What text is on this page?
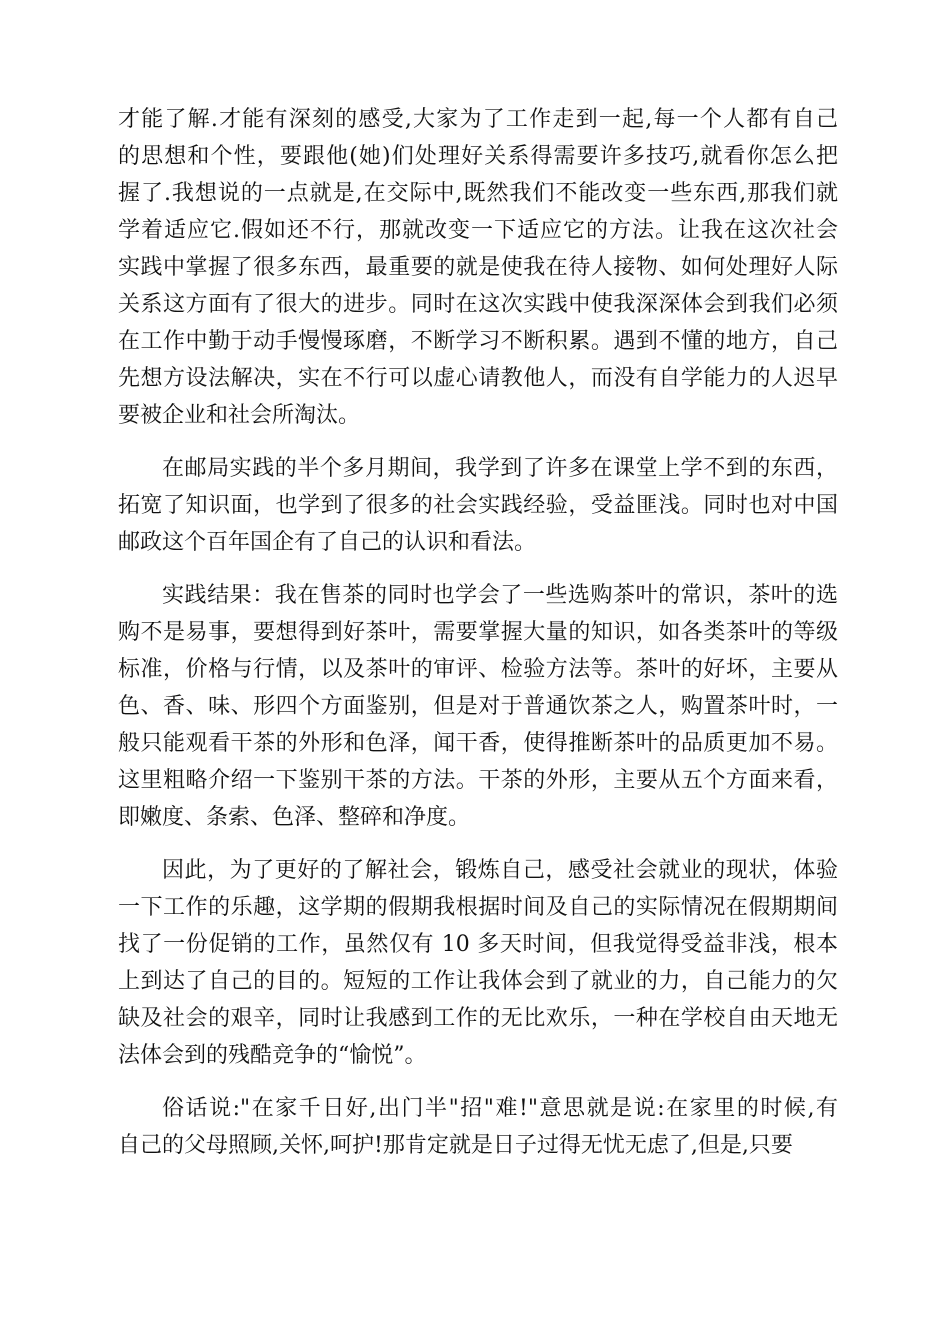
才能了解.才能有深刻的感受,大家为了工作走到一起,每一个人都有自己
的思想和个性，要跟他(她)们处理好关系得需要许多技巧,就看你怎么把
握了.我想说的一点就是,在交际中,既然我们不能改变一些东西,那我们就
学着适应它.假如还不行，那就改变一下适应它的方法。让我在这次社会
实践中掌握了很多东西，最重要的就是使我在待人接物、如何处理好人际
关系这方面有了很大的进步。同时在这次实践中使我深深体会到我们必须
在工作中勤于动手慢慢琢磨，不断学习不断积累。遇到不懂的地方，自己
先想方设法解决，实在不行可以虚心请教他人，而没有自学能力的人迟早
要被企业和社会所淘汰。
在邮局实践的半个多月期间，我学到了许多在课堂上学不到的东西，
拓宽了知识面，也学到了很多的社会实践经验，受益匪浅。同时也对中国
邮政这个百年国企有了自己的认识和看法。
实践结果：我在售茶的同时也学会了一些选购茶叶的常识，茶叶的选
购不是易事，要想得到好茶叶，需要掌握大量的知识，如各类茶叶的等级
标准，价格与行情，以及茶叶的审评、检验方法等。茶叶的好坏，主要从
色、香、味、形四个方面鉴别，但是对于普通饮茶之人，购置茶叶时，一
般只能观看干茶的外形和色泽，闻干香，使得推断茶叶的品质更加不易。
这里粗略介绍一下鉴别干茶的方法。干茶的外形，主要从五个方面来看，
即嫩度、条索、色泽、整碎和净度。
因此，为了更好的了解社会，锻炼自己，感受社会就业的现状，体验
一下工作的乐趣，这学期的假期我根据时间及自己的实际情况在假期期间
找了一份促销的工作，虽然仅有 10 多天时间，但我觉得受益非浅，根本
上到达了自己的目的。短短的工作让我体会到了就业的力，自己能力的欠
缺及社会的艰辛，同时让我感到工作的无比欢乐，一种在学校自由天地无
法体会到的残酷竞争的“愉悦”。
俗话说:"在家千日好,出门半"招"难!"意思就是说:在家里的时候,有
自己的父母照顾,关怀,呵护!那肯定就是日子过得无忧无虑了,但是,只要
